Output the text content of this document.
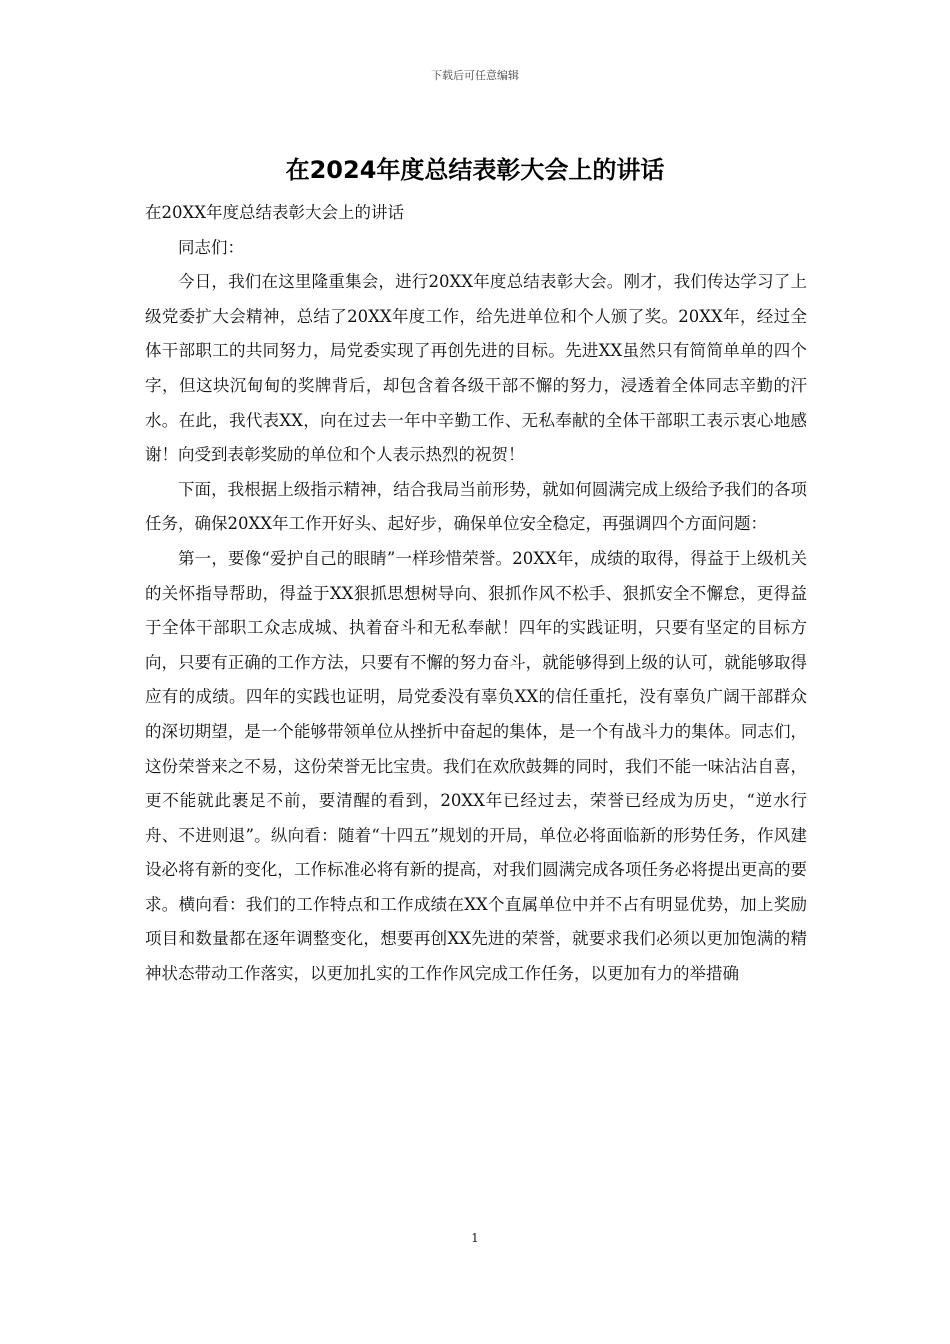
下载后可任意编辑
在2024年度总结表彰大会上的讲话

在20XX年度总结表彰大会上的讲话

同志们：

今日，我们在这里隆重集会，进行20XX年度总结表彰大会。刚才，我们传达学习了上级党委扩大会精神，总结了20XX年度工作，给先进单位和个人颁了奖。20XX年，经过全体干部职工的共同努力，局党委实现了再创先进的目标。先进XX虽然只有简简单单的四个字，但这块沉甸甸的奖牌背后，却包含着各级干部不懈的努力，浸透着全体同志辛勤的汗水。在此，我代表XX，向在过去一年中辛勤工作、无私奉献的全体干部职工表示衷心地感谢！向受到表彰奖励的单位和个人表示热烈的祝贺！

下面，我根据上级指示精神，结合我局当前形势，就如何圆满完成上级给予我们的各项任务，确保20XX年工作开好头、起好步，确保单位安全稳定，再强调四个方面问题：

第一，要像“爱护自己的眼睛”一样珍惜荣誉。20XX年，成绩的取得，得益于上级机关的关怀指导帮助，得益于XX狠抓思想树导向、狠抓作风不松手、狠抓安全不懈怠，更得益于全体干部职工众志成城、执着奋斗和无私奉献！四年的实践证明，只要有坚定的目标方向，只要有正确的工作方法，只要有不懈的努力奋斗，就能够得到上级的认可，就能够取得应有的成绩。四年的实践也证明，局党委没有辜负XX的信任重托，没有辜负广阔干部群众的深切期望，是一个能够带领单位从挫折中奋起的集体，是一个有战斗力的集体。同志们，这份荣誉来之不易，这份荣誉无比宝贵。我们在欢欣鼓舞的同时，我们不能一味沾沾自喜，更不能就此裹足不前，要清醒的看到，20XX年已经过去，荣誉已经成为历史，“逆水行舟、不进则退”。纵向看：随着“十四五”规划的开局，单位必将面临新的形势任务，作风建设必将有新的变化，工作标准必将有新的提高，对我们圆满完成各项任务必将提出更高的要求。横向看：我们的工作特点和工作成绩在XX个直属单位中并不占有明显优势，加上奖励项目和数量都在逐年调整变化，想要再创XX先进的荣誉，就要求我们必须以更加饱满的精神状态带动工作落实，以更加扎实的工作作风完成工作任务，以更加有力的举措确

1
